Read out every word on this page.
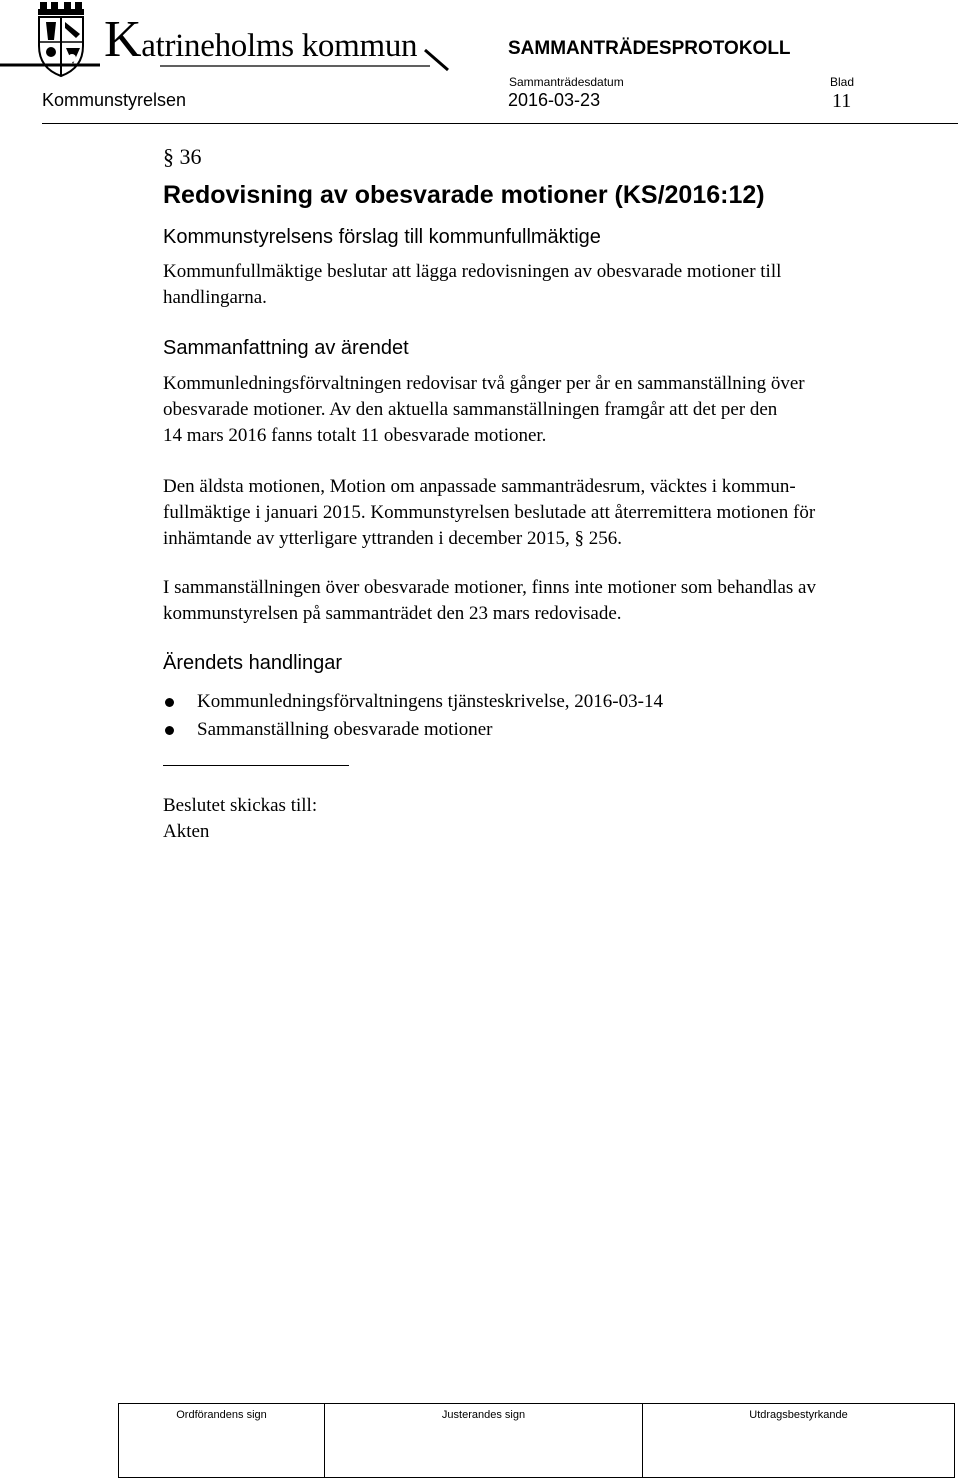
Katrineholms kommun	SAMMANTRÄDESPROTOKOLL
Sammanträdesdatum	Blad
Kommunstyrelsen	2016-03-23	11
§ 36
Redovisning av obesvarade motioner (KS/2016:12)
Kommunstyrelsens förslag till kommunfullmäktige
Kommunfullmäktige beslutar att lägga redovisningen av obesvarade motioner till
handlingarna.
Sammanfattning av ärendet
Kommunledningsförvaltningen redovisar två gånger per år en sammanställning över
obesvarade motioner. Av den aktuella sammanställningen framgår att det per den
14 mars 2016 fanns totalt 11 obesvarade motioner.
Den äldsta motionen, Motion om anpassade sammanträdesrum, väcktes i kommun-
fullmäktige i januari 2015. Kommunstyrelsen beslutade att återremittera motionen för
inhämtande av ytterligare yttranden i december 2015, § 256.
I sammanställningen över obesvarade motioner, finns inte motioner som behandlas av
kommunstyrelsen på sammanträdet den 23 mars redovisade.
Ärendets handlingar
Kommunledningsförvaltningens tjänsteskrivelse, 2016-03-14
Sammanställning obesvarade motioner
Beslutet skickas till:
Akten
Ordförandens sign	Justerandes sign	Utdragsbestyrkande
